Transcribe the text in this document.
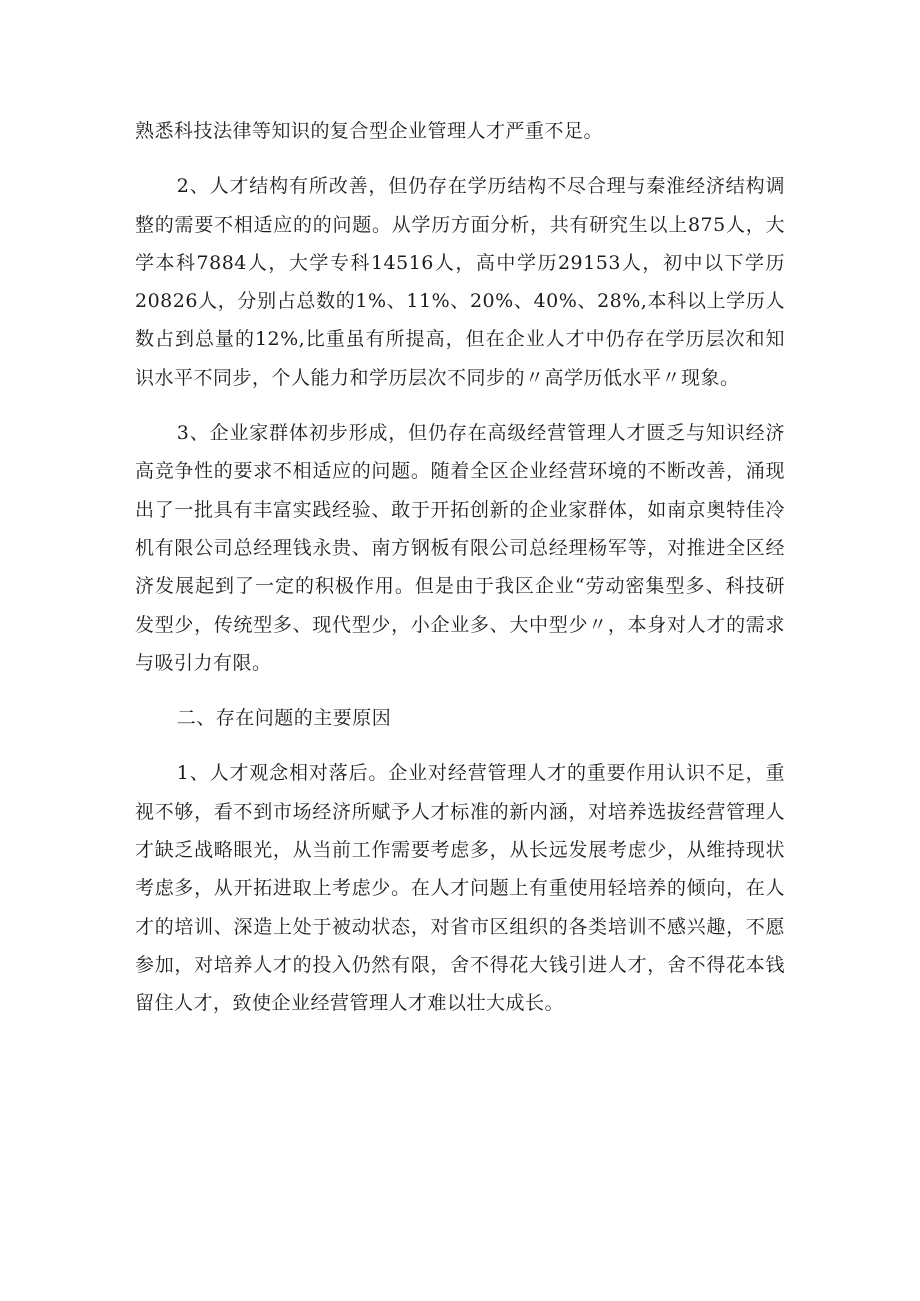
熟悉科技法律等知识的复合型企业管理人才严重不足。

2、人才结构有所改善，但仍存在学历结构不尽合理与秦淮经济结构调整的需要不相适应的的问题。从学历方面分析，共有研究生以上875人，大学本科7884人，大学专科14516人，高中学历29153人，初中以下学历20826人，分别占总数的1%、11%、20%、40%、28%,本科以上学历人数占到总量的12%,比重虽有所提高，但在企业人才中仍存在学历层次和知识水平不同步，个人能力和学历层次不同步的〃高学历低水平〃现象。

3、企业家群体初步形成，但仍存在高级经营管理人才匮乏与知识经济高竞争性的要求不相适应的问题。随着全区企业经营环境的不断改善，涌现出了一批具有丰富实践经验、敢于开拓创新的企业家群体，如南京奥特佳冷机有限公司总经理钱永贵、南方钢板有限公司总经理杨军等，对推进全区经济发展起到了一定的积极作用。但是由于我区企业“劳动密集型多、科技研发型少，传统型多、现代型少，小企业多、大中型少〃，本身对人才的需求与吸引力有限。

二、存在问题的主要原因

1、人才观念相对落后。企业对经营管理人才的重要作用认识不足，重视不够，看不到市场经济所赋予人才标准的新内涵，对培养选拔经营管理人才缺乏战略眼光，从当前工作需要考虑多，从长远发展考虑少，从维持现状考虑多，从开拓进取上考虑少。在人才问题上有重使用轻培养的倾向，在人才的培训、深造上处于被动状态，对省市区组织的各类培训不感兴趣，不愿参加，对培养人才的投入仍然有限，舍不得花大钱引进人才，舍不得花本钱留住人才，致使企业经营管理人才难以壮大成长。
